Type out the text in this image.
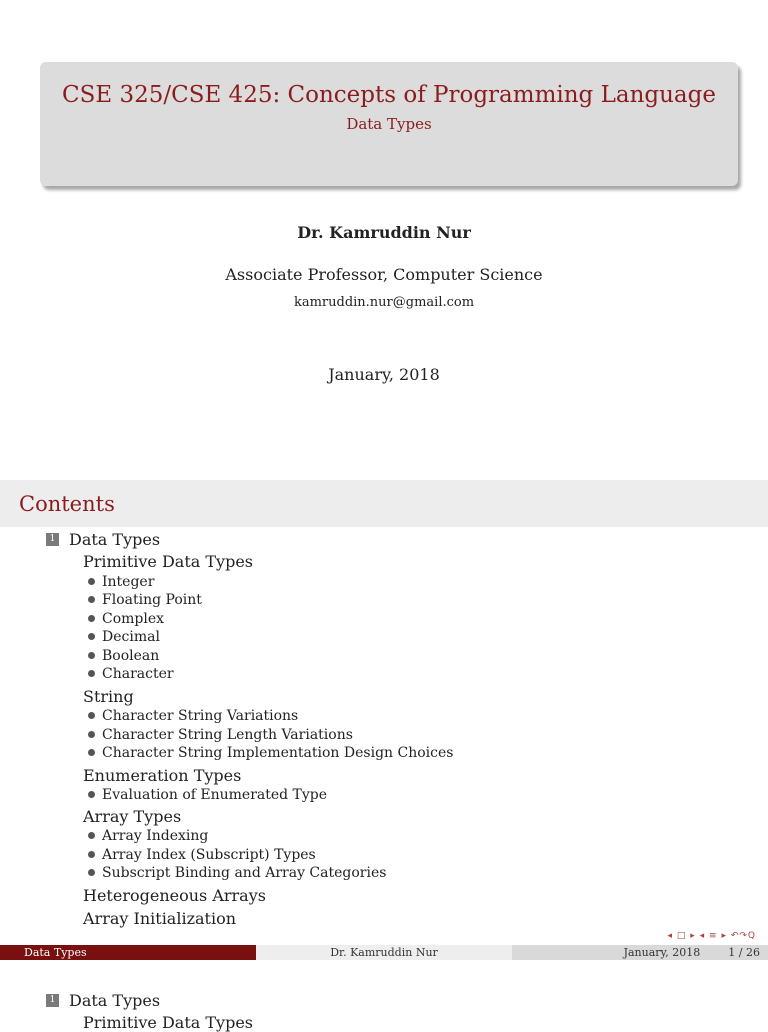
CSE 325/CSE 425: Concepts of Programming Language
Data Types
Dr. Kamruddin Nur
Associate Professor, Computer Science
kamruddin.nur@gmail.com
January, 2018
Contents
1 Data Types
Primitive Data Types
Integer
Floating Point
Complex
Decimal
Boolean
Character
String
Character String Variations
Character String Length Variations
Character String Implementation Design Choices
Enumeration Types
Evaluation of Enumerated Type
Array Types
Array Indexing
Array Index (Subscript) Types
Subscript Binding and Array Categories
Heterogeneous Arrays
Array Initialization
◂ □ ▸ ◂ ≡ ▸ ↶↷Q
Data Types	Dr. Kamruddin Nur	January, 2018	1 / 26
1 Data Types
Primitive Data Types
